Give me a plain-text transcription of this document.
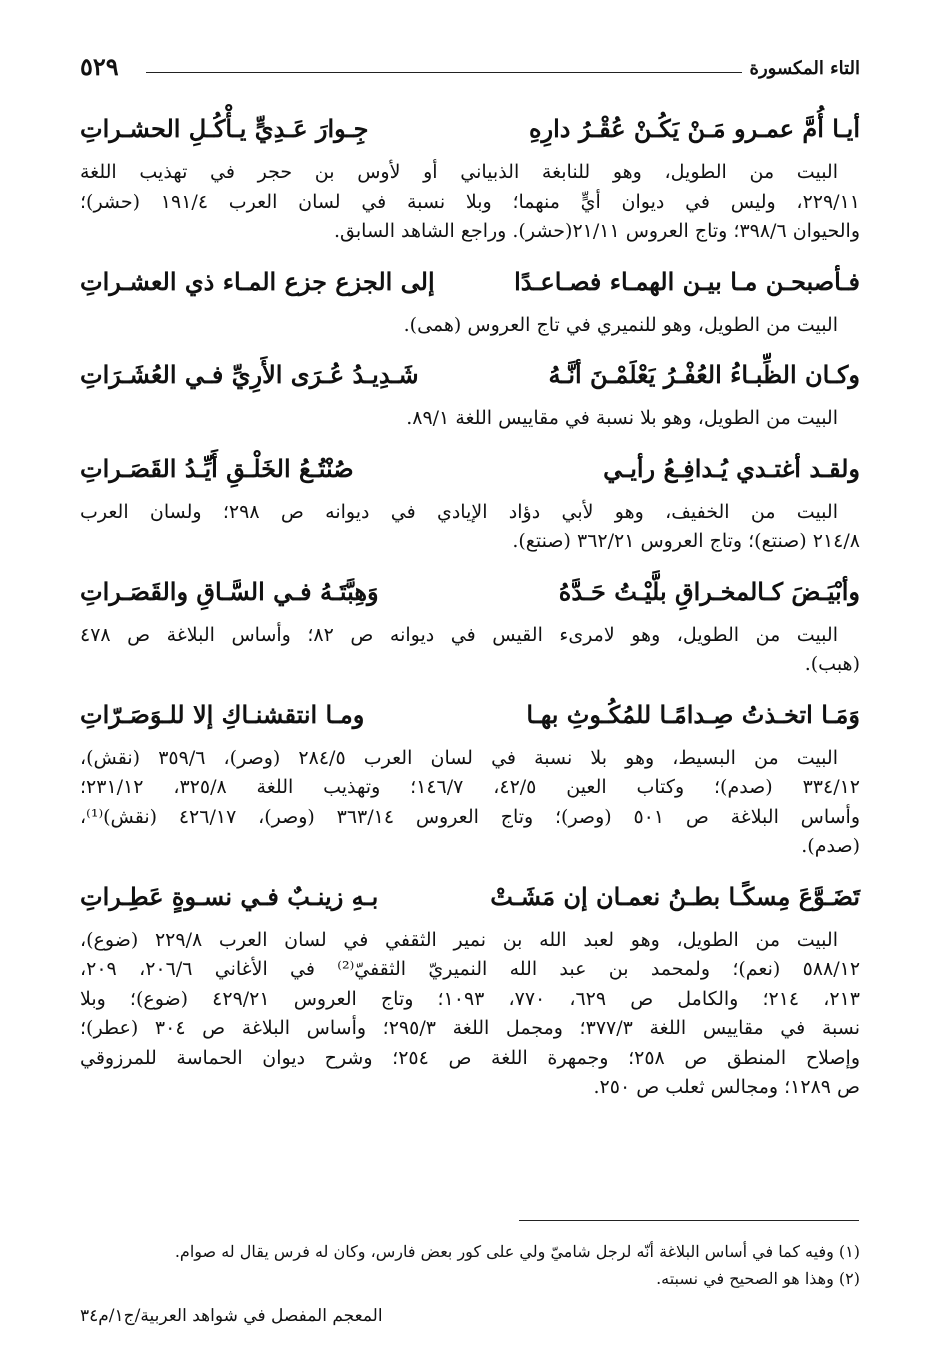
التاء المكسورة
٥٢٩
أيـا أُمَّ عمـرو مَـنْ يَكُـنْ عُقْـرُ دارِهِ
جِـوارَ عَـدِيٍّ يـأْكُـلِ الحشـراتِ
البيت من الطويل، وهو للنابغة الذبياني أو لأوس بن حجر في تهذيب اللغة
٢٢٩/١١، وليس في ديوان أيٍّ منهما؛ وبلا نسبة في لسان العرب ١٩١/٤ (حشر)؛
والحيوان ٣٩٨/٦؛ وتاج العروس ٢١/١١(حشر). وراجع الشاهد السابق.
فـأصبحـن مـا بيـن الهمـاء فصـاعـدًا
إلى الجزع جزع المـاء ذي العشـراتِ
البيت من الطويل، وهو للنميري في تاج العروس (همى).
وكـان الظِّبـاءُ العُفْـرُ يَعْلَمْـنَ أنَّـهُ
شَـدِيـدُ عُـرَى الأَرِيِّ فـي العُشَـرَاتِ
البيت من الطويل، وهو بلا نسبة في مقاييس اللغة ٨٩/١.
ولقـد أغتـدي يُـدافِـعُ رأيـي
صُنْتُـعُ الخَلْـقِ أَيِّـدُ القَصَـراتِ
البيت من الخفيف، وهو لأبي دؤاد الإيادي في ديوانه ص ٢٩٨؛ ولسان العرب
٢١٤/٨ (صنتع)؛ وتاج العروس ٣٦٢/٢١ (صنتع).
وأبْيَـضَ كـالمخـراقِ بلَّيْـتُ حَـدَّهُ
وَهِبَّتَـهُ فـي السَّـاقِ والقَصَـراتِ
البيت من الطويل، وهو لامرىء القيس في ديوانه ص ٨٢؛ وأساس البلاغة ص ٤٧٨
(هبب).
وَمَـا اتخـذتُ صِـدامًـا للمُكُـوثِ بهـا
ومـا انتقشنـاكِ إلا للـوَصَـرّاتِ
البيت من البسيط، وهو بلا نسبة في لسان العرب ٢٨٤/٥ (وصر)، ٣٥٩/٦ (نقش)،
٣٣٤/١٢ (صدم)؛ وكتاب العين ٤٢/٥، ١٤٦/٧؛ وتهذيب اللغة ٣٢٥/٨، ٢٣١/١٢؛
وأساس البلاغة ص ٥٠١ (وصر)؛ وتاج العروس ٣٦٣/١٤ (وصر)، ٤٢٦/١٧ (نقش)⁽¹⁾،
(صدم).
تَضَـوَّعَ مِسكًـا بطـنُ نعمـان إن مَشَـتْ
بـهِ زينـبٌ فـي نسـوةٍ عَطِـراتِ
البيت من الطويل، وهو لعبد الله بن نمير الثقفي في لسان العرب ٢٢٩/٨ (ضوع)،
٥٨٨/١٢ (نعم)؛ ولمحمد بن عبد الله النميريّ الثقفيّ⁽²⁾ في الأغاني ٢٠٦/٦، ٢٠٩،
٢١٣، ٢١٤؛ والكامل ص ٦٢٩، ٧٧٠، ١٠٩٣؛ وتاج العروس ٤٢٩/٢١ (ضوع)؛ وبلا
نسبة في مقاييس اللغة ٣٧٧/٣؛ ومجمل اللغة ٢٩٥/٣؛ وأساس البلاغة ص ٣٠٤ (عطر)؛
وإصلاح المنطق ص ٢٥٨؛ وجمهرة اللغة ص ٢٥٤؛ وشرح ديوان الحماسة للمرزوقي
ص ١٢٨٩؛ ومجالس ثعلب ص ٢٥٠.
(١) وفيه كما في أساس البلاغة أنّه لرجل شاميّ ولي على كور بعض فارس، وكان له فرس يقال له صوام.
(٢) وهذا هو الصحيح في نسبته.
المعجم المفصل في شواهد العربية/ج١/م٣٤
